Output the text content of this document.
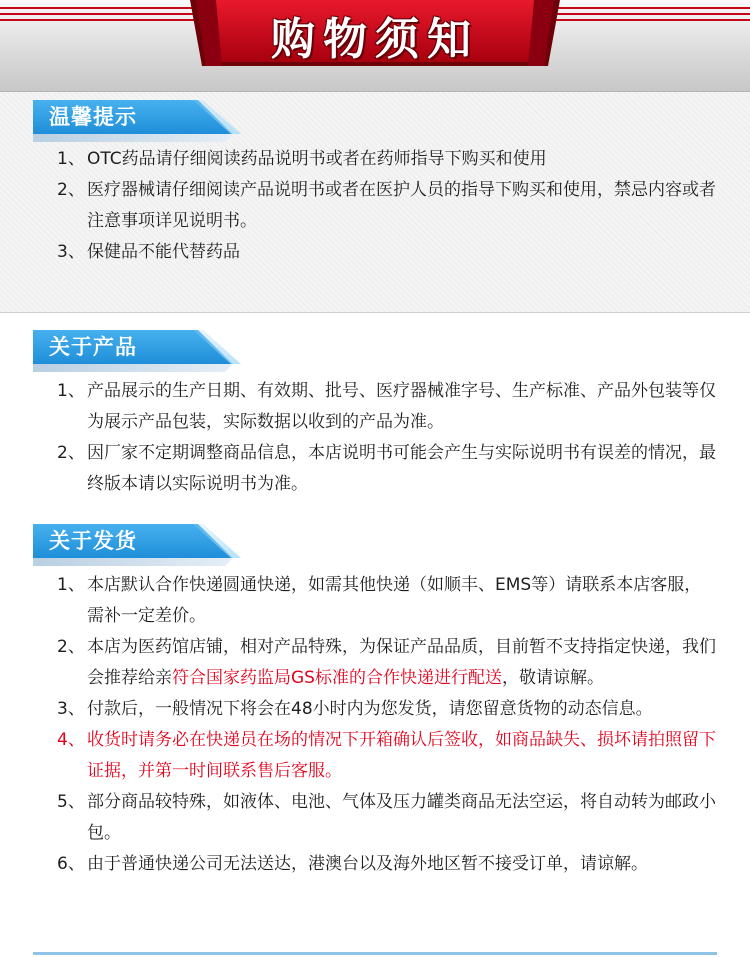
购物须知
温馨提示
1、 OTC药品请仔细阅读药品说明书或者在药师指导下购买和使用
2、 医疗器械请仔细阅读产品说明书或者在医护人员的指导下购买和使用，禁忌内容或者注意事项详见说明书。
3、 保健品不能代替药品
关于产品
1、 产品展示的生产日期、有效期、批号、医疗器械准字号、生产标准、产品外包装等仅为展示产品包装，实际数据以收到的产品为准。
2、 因厂家不定期调整商品信息，本店说明书可能会产生与实际说明书有误差的情况，最终版本请以实际说明书为准。
关于发货
1、 本店默认合作快递圆通快递，如需其他快递（如顺丰、EMS等）请联系本店客服，需补一定差价。
2、 本店为医药馆店铺，相对产品特殊，为保证产品品质，目前暂不支持指定快递，我们会推荐给亲符合国家药监局GS标准的合作快递进行配送，敬请谅解。
3、 付款后，一般情况下将会在48小时内为您发货，请您留意货物的动态信息。
4、 收货时请务必在快递员在场的情况下开箱确认后签收，如商品缺失、损坏请拍照留下证据，并第一时间联系售后客服。
5、 部分商品较特殊，如液体、电池、气体及压力罐类商品无法空运，将自动转为邮政小包。
6、 由于普通快递公司无法送达，港澳台以及海外地区暂不接受订单，请谅解。
